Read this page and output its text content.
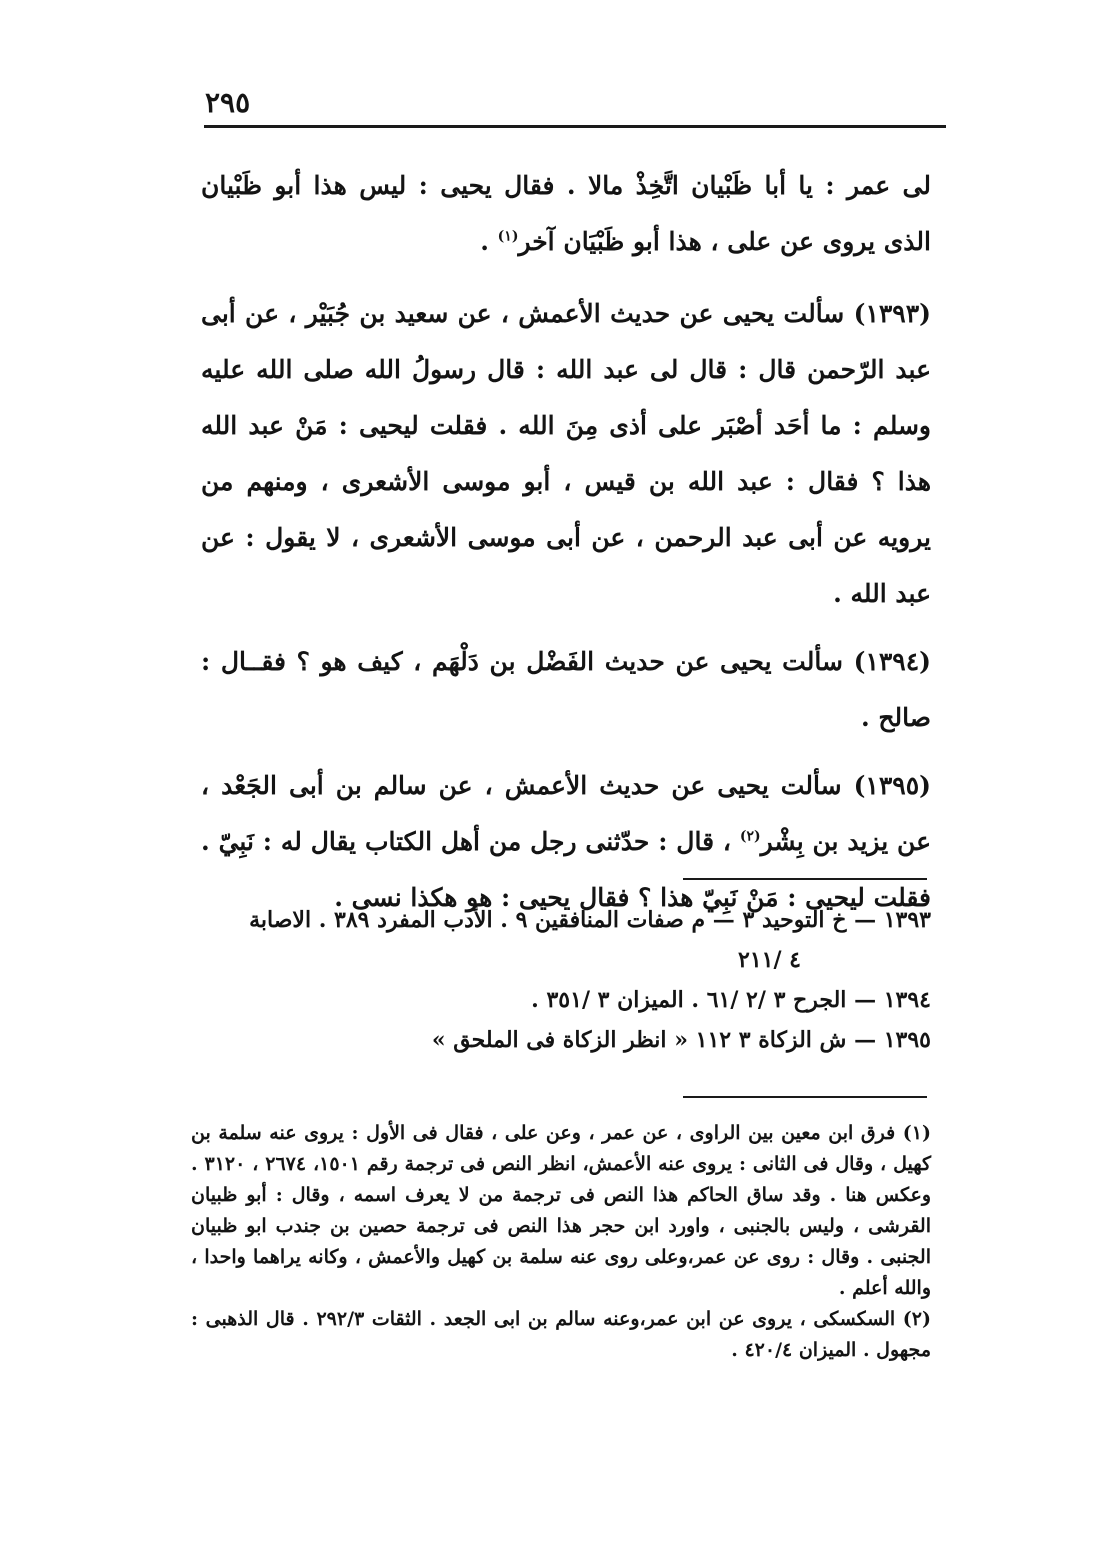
٢٩٥

لى عمر : يا أبا ظَبْيان اتَّخِذْ مالا . فقال يحيى : ليس هذا أبو ظَبْيان الذى يروى عن على ، هذا أبو ظَبْيَان آخر$^{(١)}$ .

(١٣٩٣) سألت يحيى عن حديث الأعمش ، عن سعيد بن جُبَيْر ، عن أبى عبد الرّحمن قال : قال لى عبد الله : قال رسولُ الله صلى الله عليه وسلم : ما أحَد أصْبَر على أذى مِنَ الله . فقلت ليحيى : مَنْ عبد الله هذا ؟ فقال : عبد الله بن قيس ، أبو موسى الأشعرى ، ومنهم من يرويه عن أبى عبد الرحمن ، عن أبى موسى الأشعرى ، لا يقول : عن عبد الله .

(١٣٩٤) سألت يحيى عن حديث الفَضْل بن دَلْهَم ، كيف هو ؟ فقــال : صالح .

(١٣٩٥) سألت يحيى عن حديث الأعمش ، عن سالم بن أبى الجَعْد ، عن يزيد بن بِشْر$^{(٢)}$ ، قال : حدّثنى رجل من أهل الكتاب يقال له : نَبِيّ . فقلت ليحيى : مَنْ نَبِيّ هذا ؟ فقال يحيى : هو هكذا نسى .

١٣٩٣ — خ التوحيد ٣ — م صفات المنافقين ٩ . الأدب المفرد ٣٨٩ . الاصابة
٤ /٢١١
١٣٩٤ — الجرح ٣ /٢ /٦١ . الميزان ٣ /٣٥١ .
١٣٩٥ — ش الزكاة ٣ ١١٢ « انظر الزكاة فى الملحق »

(١) فرق ابن معين بين الراوى ، عن عمر ، وعن على ، فقال فى الأول : يروى عنه سلمة بن كهيل ، وقال فى الثانى : يروى عنه الأعمش، انظر النص فى ترجمة رقم ١٥٠١، ٢٦٧٤ ، ٣١٢٠ . وعكس هنا . وقد ساق الحاكم هذا النص فى ترجمة من لا يعرف اسمه ، وقال : أبو ظبيان القرشى ، وليس بالجنبى ، واورد ابن حجر هذا النص فى ترجمة حصين بن جندب ابو ظبيان الجنبى . وقال : روى عن عمر،وعلى روى عنه سلمة بن كهيل والأعمش ، وكانه يراهما واحدا ، والله أعلم .

(٢) السكسكى ، يروى عن ابن عمر،وعنه سالم بن ابى الجعد . الثقات ٢٩٢/٣ . قال الذهبى : مجهول . الميزان ٤٢٠/٤ .
